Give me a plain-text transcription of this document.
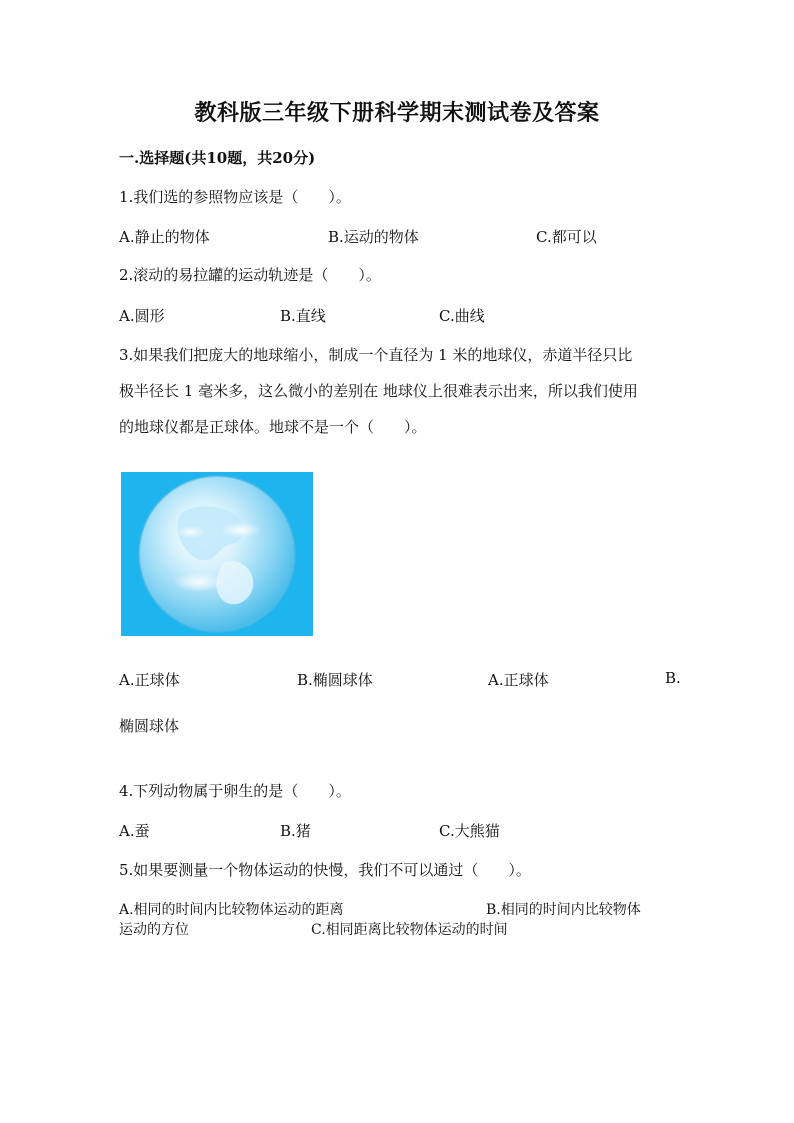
教科版三年级下册科学期末测试卷及答案
一.选择题(共10题，共20分)
1.我们选的参照物应该是（　　）。
A.静止的物体	B.运动的物体	C.都可以
2.滚动的易拉罐的运动轨迹是（　　）。
A.圆形	B.直线	C.曲线
3.如果我们把庞大的地球缩小，制成一个直径为 1 米的地球仪，赤道半径只比
极半径长 1 毫米多，这么微小的差别在 地球仪上很难表示出来，所以我们使用
的地球仪都是正球体。地球不是一个（　　）。
A.正球体	B.椭圆球体	A.正球体	B.
椭圆球体
4.下列动物属于卵生的是（　　）。
A.蚕	B.猪	C.大熊猫
5.如果要测量一个物体运动的快慢，我们不可以通过（　　）。
A.相同的时间内比较物体运动的距离	B.相同的时间内比较物体
运动的方位	C.相同距离比较物体运动的时间
